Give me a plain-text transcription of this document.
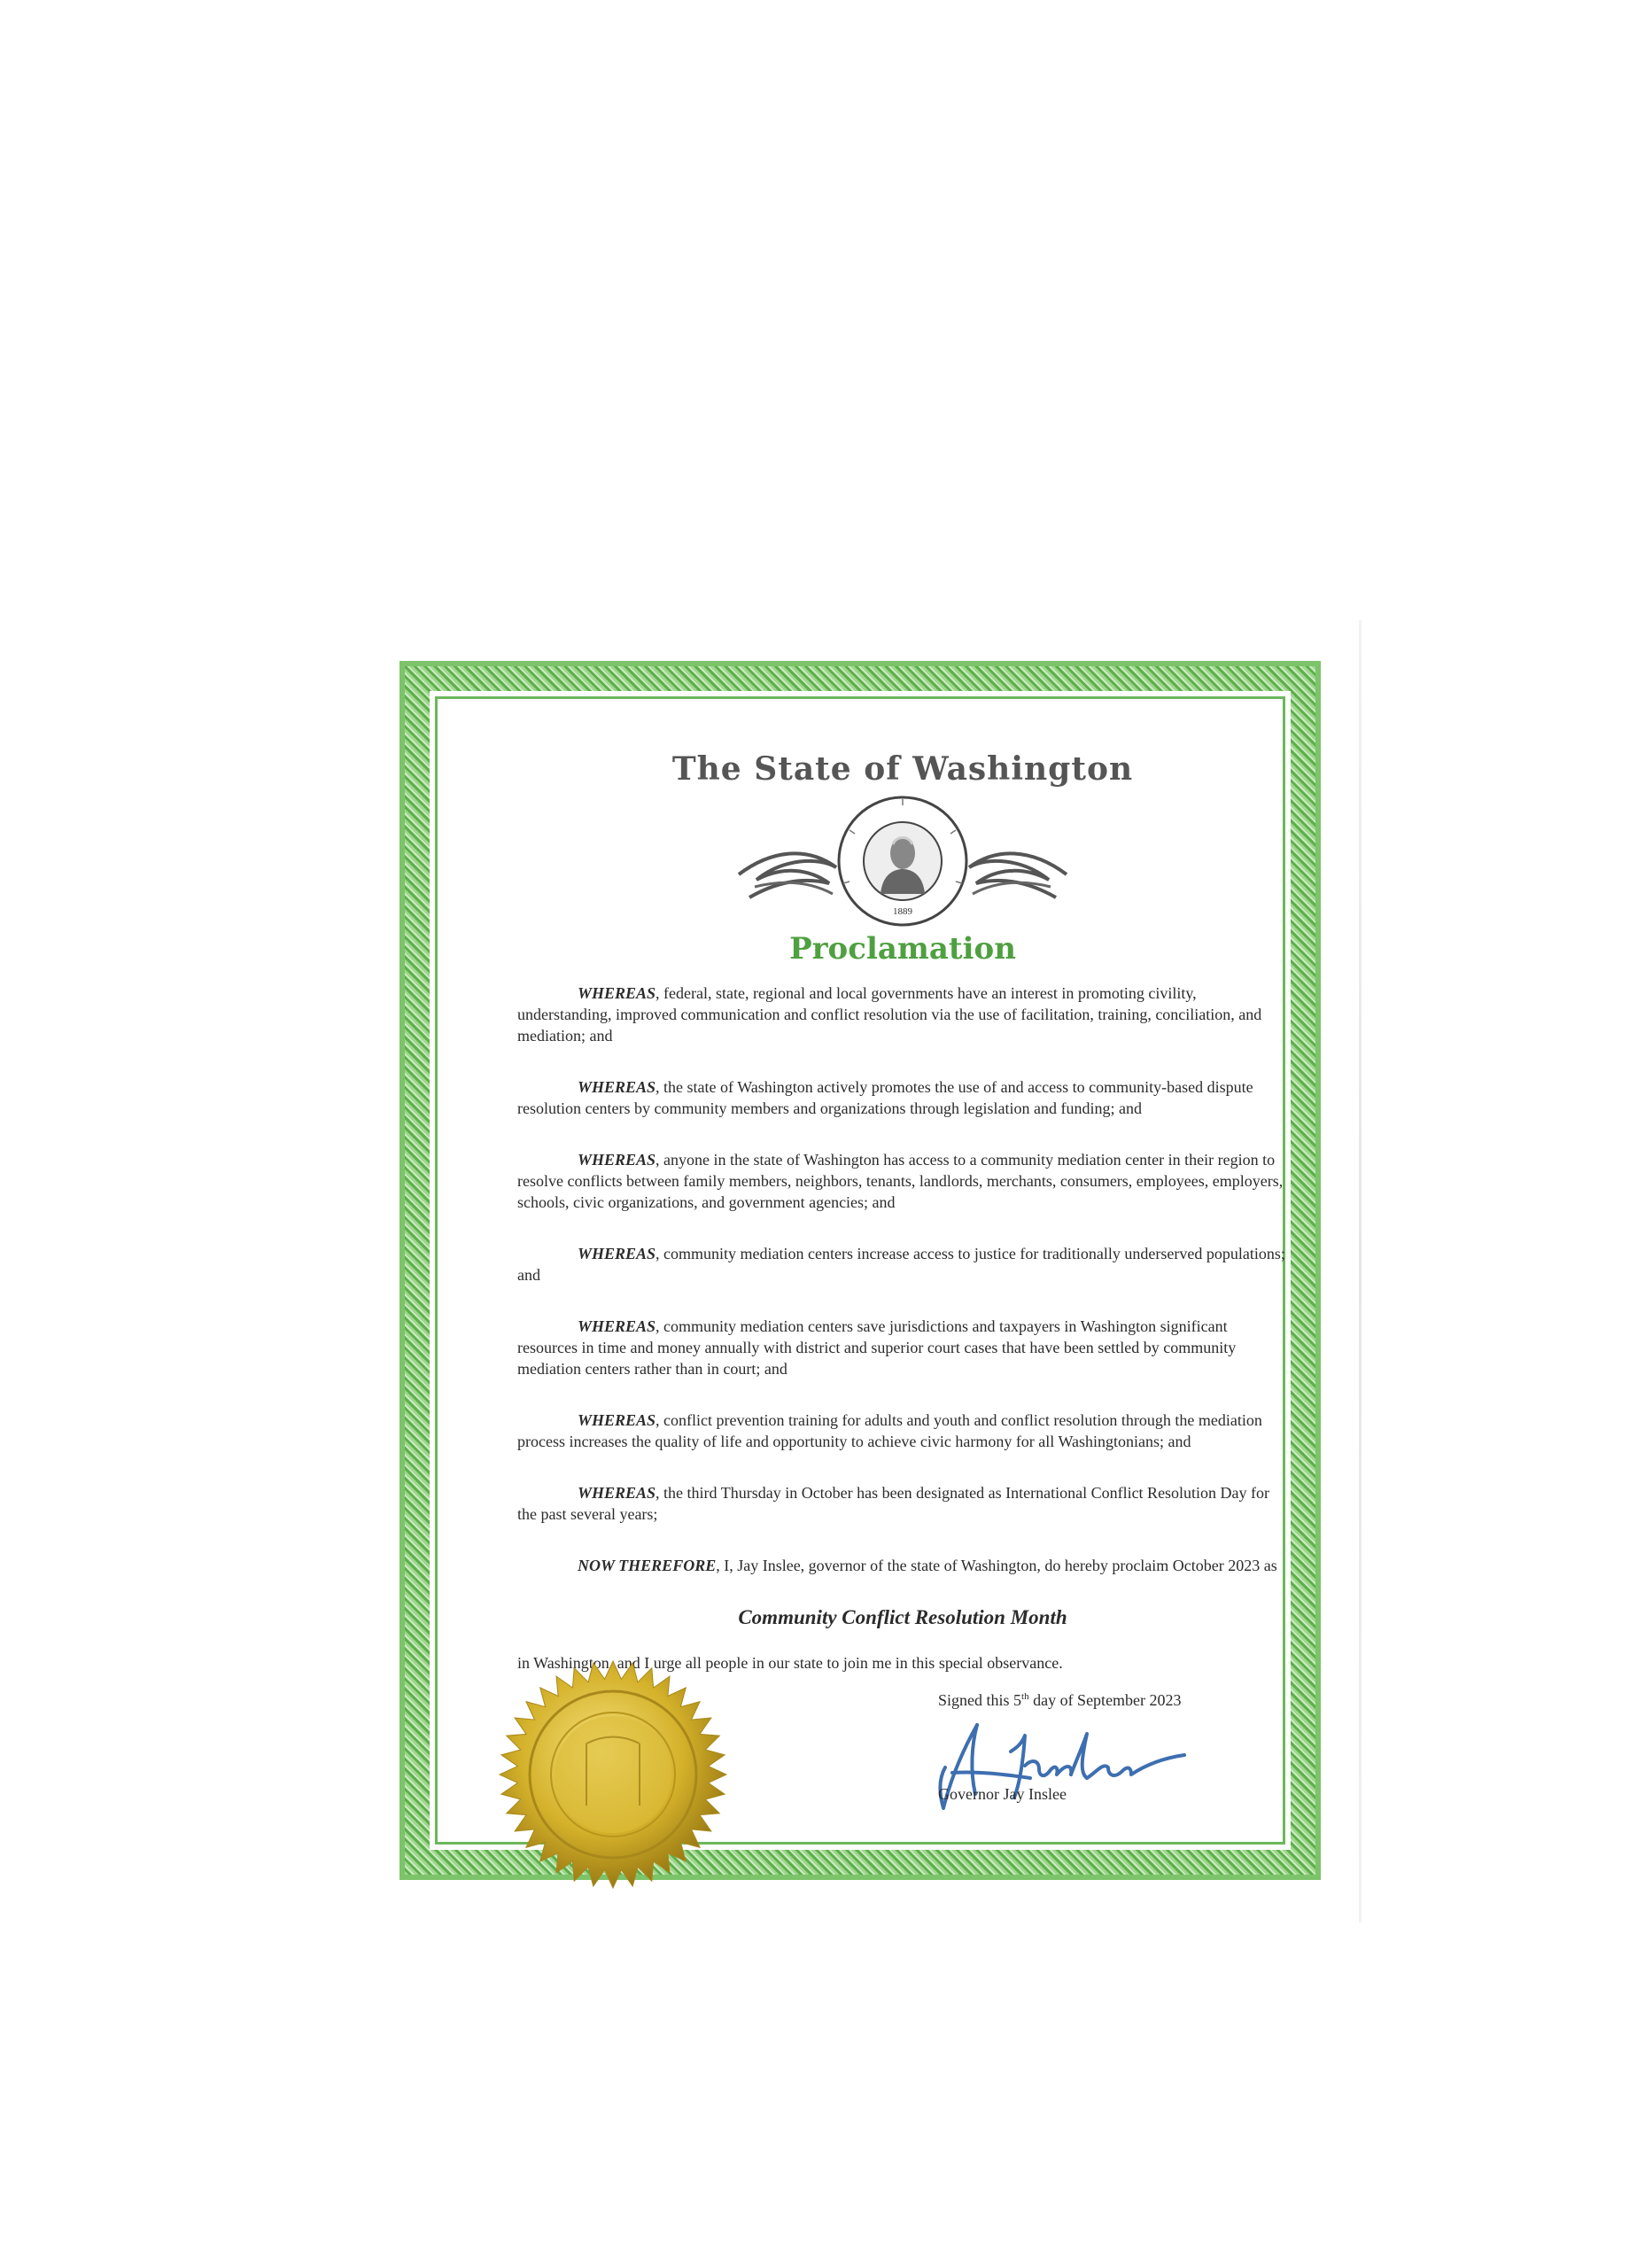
The State of Washington
1889
Proclamation

WHEREAS, federal, state, regional and local governments have an interest in promoting civility, understanding, improved communication and conflict resolution via the use of facilitation, training, conciliation, and mediation; and

WHEREAS, the state of Washington actively promotes the use of and access to community-based dispute resolution centers by community members and organizations through legislation and funding; and

WHEREAS, anyone in the state of Washington has access to a community mediation center in their region to resolve conflicts between family members, neighbors, tenants, landlords, merchants, consumers, employees, employers, schools, civic organizations, and government agencies; and

WHEREAS, community mediation centers increase access to justice for traditionally underserved populations; and

WHEREAS, community mediation centers save jurisdictions and taxpayers in Washington significant resources in time and money annually with district and superior court cases that have been settled by community mediation centers rather than in court; and

WHEREAS, conflict prevention training for adults and youth and conflict resolution through the mediation process increases the quality of life and opportunity to achieve civic harmony for all Washingtonians; and

WHEREAS, the third Thursday in October has been designated as International Conflict Resolution Day for the past several years;

NOW THEREFORE, I, Jay Inslee, governor of the state of Washington, do hereby proclaim October 2023 as

Community Conflict Resolution Month

in Washington, and I urge all people in our state to join me in this special observance.

Signed this 5th day of September 2023
Governor Jay Inslee
